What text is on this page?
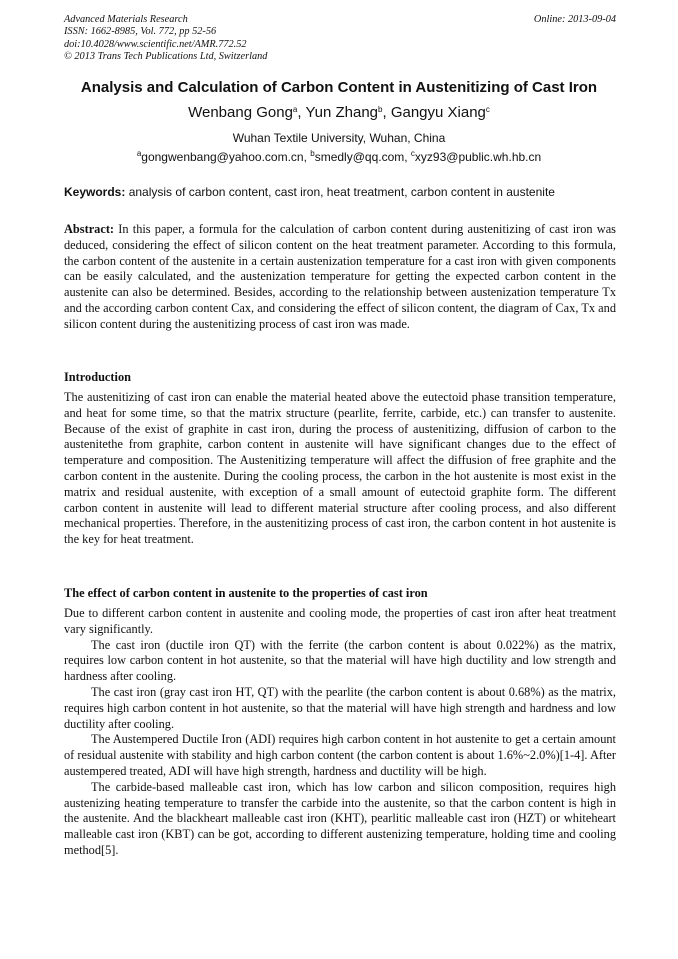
Advanced Materials Research
ISSN: 1662-8985, Vol. 772, pp 52-56
doi:10.4028/www.scientific.net/AMR.772.52
© 2013 Trans Tech Publications Ltd, Switzerland
Online: 2013-09-04
Analysis and Calculation of Carbon Content in Austenitizing of Cast Iron
Wenbang Gong$^a$, Yun Zhang$^b$, Gangyu Xiang$^c$
Wuhan Textile University, Wuhan, China
$^a$gongwenbang@yahoo.com.cn, $^b$smedly@qq.com, $^c$xyz93@public.wh.hb.cn
Keywords: analysis of carbon content, cast iron, heat treatment, carbon content in austenite

Abstract: In this paper, a formula for the calculation of carbon content during austenitizing of cast iron was deduced, considering the effect of silicon content on the heat treatment parameter. According to this formula, the carbon content of the austenite in a certain austenization temperature for a cast iron with given components can be easily calculated, and the austenization temperature for getting the expected carbon content in the austenite can also be determined. Besides, according to the relationship between austenization temperature Tx and the according carbon content Cax, and considering the effect of silicon content, the diagram of Cax, Tx and silicon content during the austenitizing process of cast iron was made.

Introduction

The austenitizing of cast iron can enable the material heated above the eutectoid phase transition temperature, and heat for some time, so that the matrix structure (pearlite, ferrite, carbide, etc.) can transfer to austenite. Because of the exist of graphite in cast iron, during the process of austenitizing, diffusion of carbon to the austenitethe from graphite, carbon content in austenite will have significant changes due to the effect of temperature and composition. The Austenitizing temperature will affect the diffusion of free graphite and the carbon content in the austenite. During the cooling process, the carbon in the hot austenite is most exist in the matrix and residual austenite, with exception of a small amount of eutectoid graphite form. The different carbon content in austenite will lead to different material structure after cooling process, and also different mechanical properties. Therefore, in the austenitizing process of cast iron, the carbon content in hot austenite is the key for heat treatment.

The effect of carbon content in austenite to the properties of cast iron

Due to different carbon content in austenite and cooling mode, the properties of cast iron after heat treatment vary significantly.

The cast iron (ductile iron QT) with the ferrite (the carbon content is about 0.022%) as the matrix, requires low carbon content in hot austenite, so that the material will have high ductility and low strength and hardness after cooling.

The cast iron (gray cast iron HT, QT) with the pearlite (the carbon content is about 0.68%) as the matrix, requires high carbon content in hot austenite, so that the material will have high strength and hardness and low ductility after cooling.

The Austempered Ductile Iron (ADI) requires high carbon content in hot austenite to get a certain amount of residual austenite with stability and high carbon content (the carbon content is about 1.6%~2.0%)[1-4]. After austempered treated, ADI will have high strength, hardness and ductility will be high.

The carbide-based malleable cast iron, which has low carbon and silicon composition, requires high austenizing heating temperature to transfer the carbide into the austenite, so that the carbon content is high in the austenite. And the blackheart malleable cast iron (KHT), pearlitic malleable cast iron (HZT) or whiteheart malleable cast iron (KBT) can be got, according to different austenizing temperature, holding time and cooling method[5].
